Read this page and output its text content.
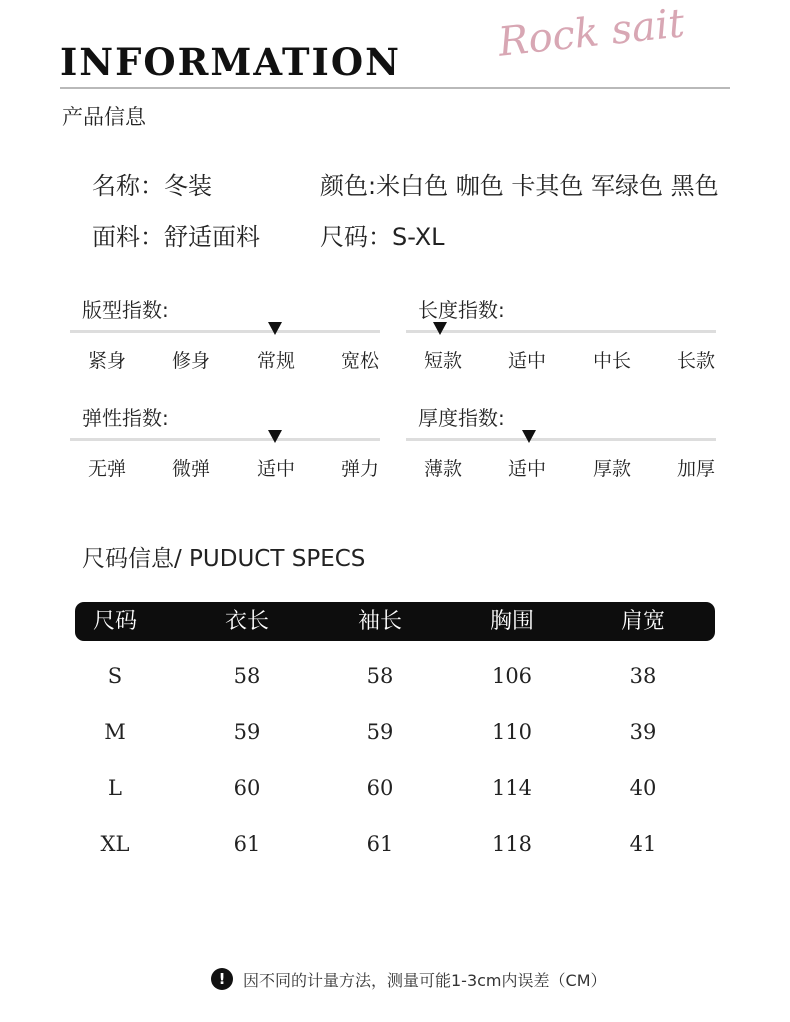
INFORMATION Rock sait
产品信息
名称：冬装	颜色:米白色 咖色 卡其色 军绿色 黑色
面料：舒适面料	尺码：S-XL
版型指数:
紧身	修身	常规	宽松
长度指数:
短款	适中	中长	长款
弹性指数:
无弹	微弹	适中	弹力
厚度指数:
薄款	适中	厚款	加厚
尺码信息/ PUDUCT SPECS
尺码	衣长	袖长	胸围	肩宽
S	58	58	106	38
M	59	59	110	39
L	60	60	114	40
XL	61	61	118	41
!	因不同的计量方法，测量可能1-3cm内误差（CM）
